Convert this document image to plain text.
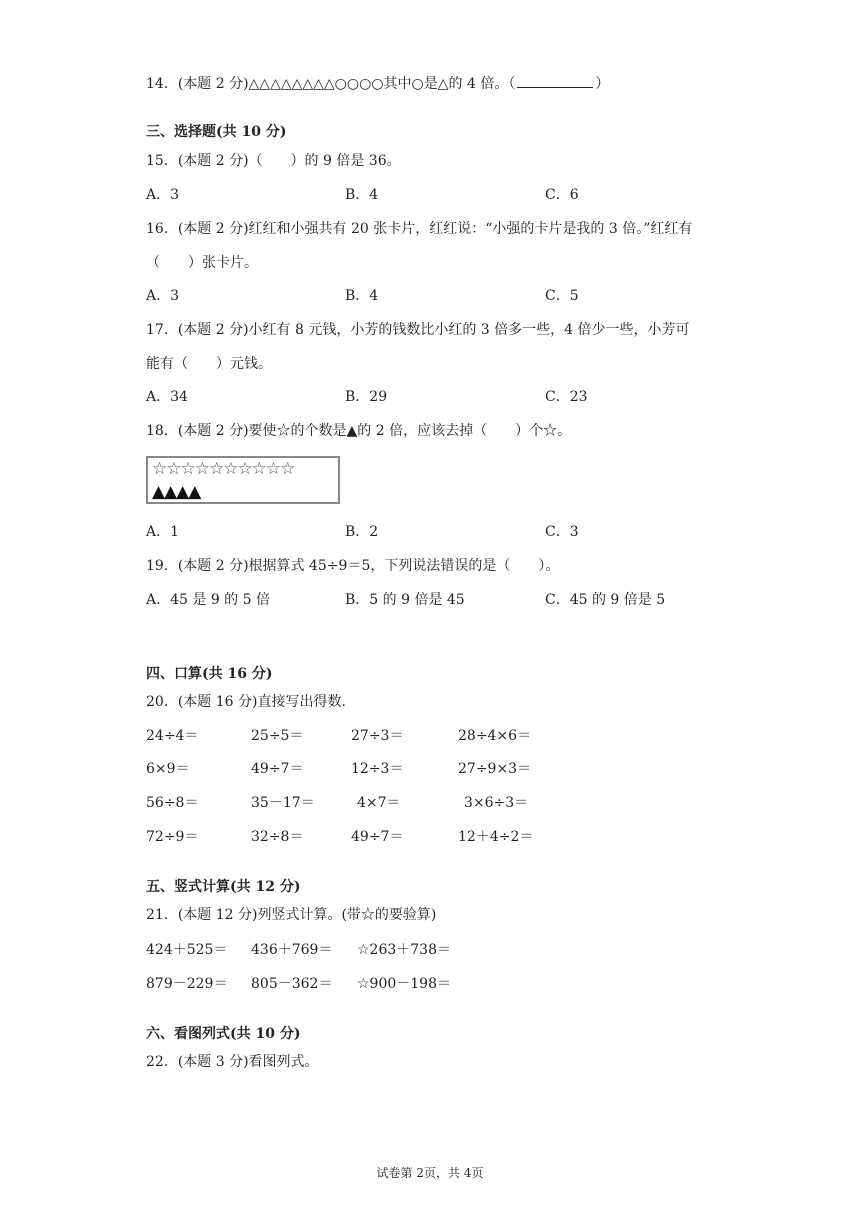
14．(本题 2 分)△△△△△△△△○○○○其中○是△的 4 倍。（	）
三、选择题(共 10 分)
15．(本题 2 分)（　　）的 9 倍是 36。
A．3	B．4	C．6
16．(本题 2 分)红红和小强共有 20 张卡片，红红说：“小强的卡片是我的 3 倍。”红红有
（　　）张卡片。
A．3	B．4	C．5
17．(本题 2 分)小红有 8 元钱，小芳的钱数比小红的 3 倍多一些，4 倍少一些，小芳可
能有（　　）元钱。
A．34	B．29	C．23
18．(本题 2 分)要使☆的个数是▲的 2 倍，应该去掉（　　）个☆。
☆☆☆☆☆☆☆☆☆☆
▲▲▲▲
A．1	B．2	C．3
19．(本题 2 分)根据算式 45÷9＝5，下列说法错误的是（　　）。
A．45 是 9 的 5 倍	B．5 的 9 倍是 45	C．45 的 9 倍是 5
四、口算(共 16 分)
20．(本题 16 分)直接写出得数.
24÷4＝	25÷5＝	27÷3＝	28÷4×6＝
6×9＝	49÷7＝	12÷3＝	27÷9×3＝
56÷8＝	35－17＝	4×7＝	3×6÷3＝
72÷9＝	32÷8＝	49÷7＝	12＋4÷2＝
五、竖式计算(共 12 分)
21．(本题 12 分)列竖式计算。(带☆的要验算)
424＋525＝ 436＋769＝ ☆263＋738＝
879－229＝ 805－362＝ ☆900－198＝
六、看图列式(共 10 分)
22．(本题 3 分)看图列式。
试卷第 2页，共 4页
